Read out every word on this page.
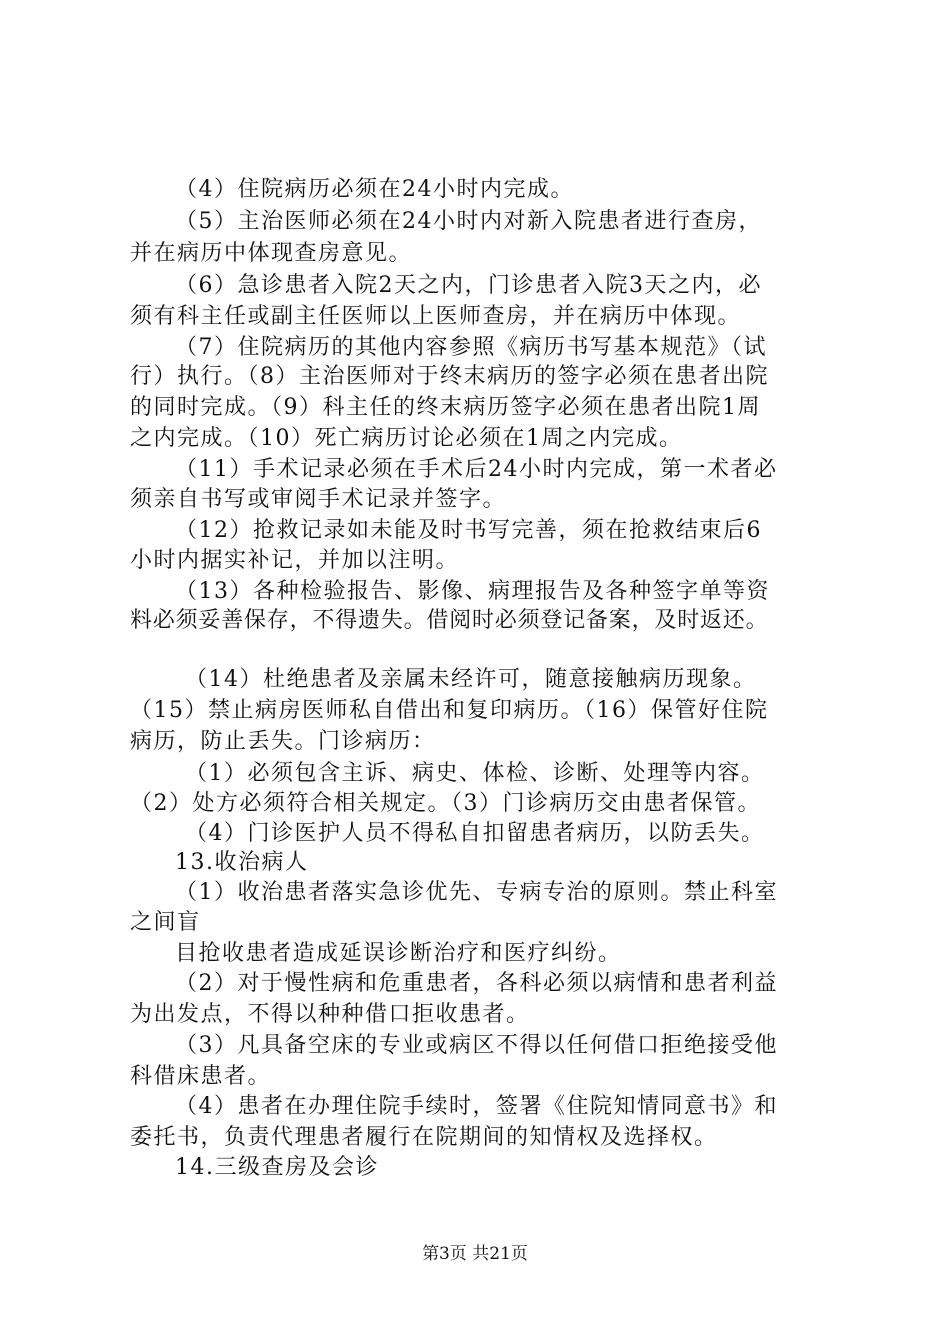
（4）住院病历必须在24小时内完成。
（5）主治医师必须在24小时内对新入院患者进行查房，
并在病历中体现查房意见。
（6）急诊患者入院2天之内，门诊患者入院3天之内，必
须有科主任或副主任医师以上医师查房，并在病历中体现。
（7）住院病历的其他内容参照《病历书写基本规范》（试
行）执行。（8）主治医师对于终末病历的签字必须在患者出院
的同时完成。（9）科主任的终末病历签字必须在患者出院1周
之内完成。（10）死亡病历讨论必须在1周之内完成。
（11）手术记录必须在手术后24小时内完成，第一术者必
须亲自书写或审阅手术记录并签字。
（12）抢救记录如未能及时书写完善，须在抢救结束后6
小时内据实补记，并加以注明。
（13）各种检验报告、影像、病理报告及各种签字单等资
料必须妥善保存，不得遗失。借阅时必须登记备案，及时返还。
（14）杜绝患者及亲属未经许可，随意接触病历现象。
（15）禁止病房医师私自借出和复印病历。（16）保管好住院
病历，防止丢失。门诊病历：
（1）必须包含主诉、病史、体检、诊断、处理等内容。
（2）处方必须符合相关规定。（3）门诊病历交由患者保管。
（4）门诊医护人员不得私自扣留患者病历，以防丢失。
13.收治病人
（1）收治患者落实急诊优先、专病专治的原则。禁止科室
之间盲
目抢收患者造成延误诊断治疗和医疗纠纷。
（2）对于慢性病和危重患者，各科必须以病情和患者利益
为出发点，不得以种种借口拒收患者。
（3）凡具备空床的专业或病区不得以任何借口拒绝接受他
科借床患者。
（4）患者在办理住院手续时，签署《住院知情同意书》和
委托书，负责代理患者履行在院期间的知情权及选择权。
14.三级查房及会诊
第3页 共21页
